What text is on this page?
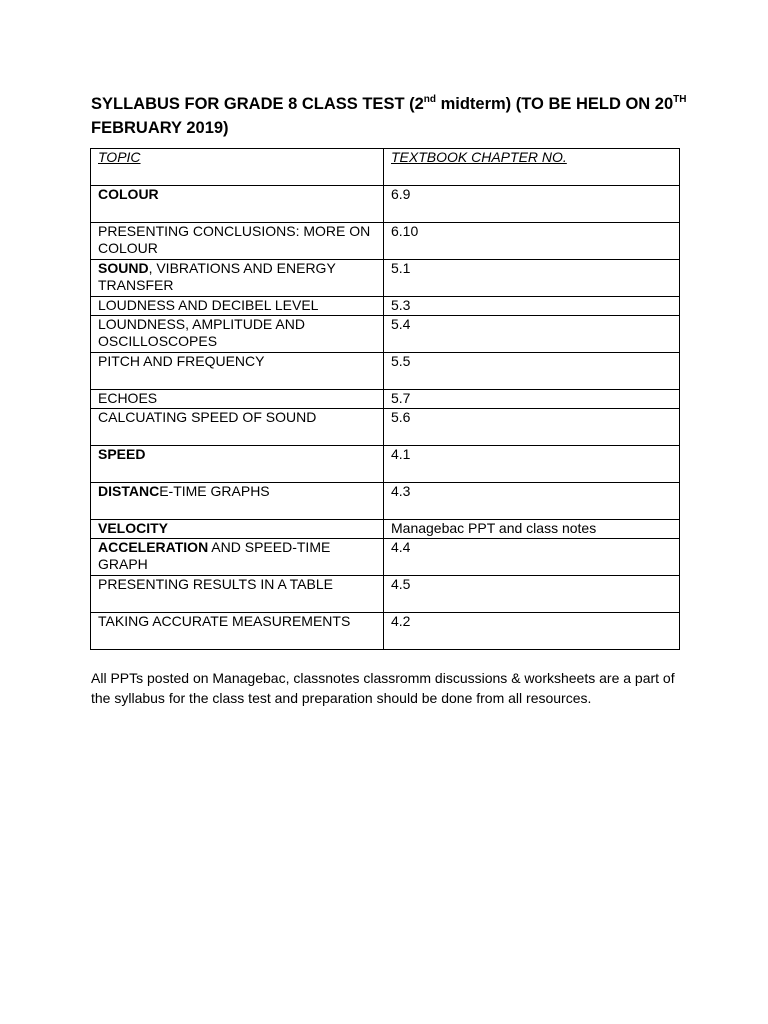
SYLLABUS FOR GRADE 8 CLASS TEST (2nd midterm) (TO BE HELD ON 20TH FEBRUARY 2019)
TOPIC	TEXTBOOK CHAPTER NO.
COLOUR	6.9
PRESENTING CONCLUSIONS: MORE ON COLOUR	6.10
SOUND, VIBRATIONS AND ENERGY TRANSFER	5.1
LOUDNESS AND DECIBEL LEVEL	5.3
LOUNDNESS, AMPLITUDE AND OSCILLOSCOPES	5.4
PITCH AND FREQUENCY	5.5
ECHOES	5.7
CALCUATING SPEED OF SOUND	5.6
SPEED	4.1
DISTANCE-TIME GRAPHS	4.3
VELOCITY	Managebac PPT and class notes
ACCELERATION AND SPEED-TIME GRAPH	4.4
PRESENTING RESULTS IN A TABLE	4.5
TAKING ACCURATE MEASUREMENTS	4.2
All PPTs posted on Managebac, classnotes classromm discussions & worksheets are a part of the syllabus for the class test and preparation should be done from all resources.
